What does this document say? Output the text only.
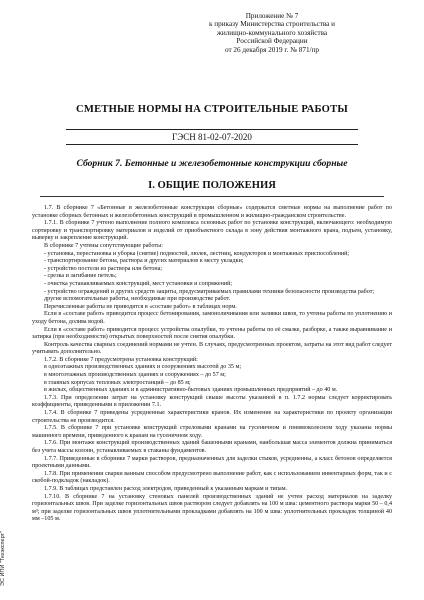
Приложение № 7
к приказу Министерства строительства и
жилищно-коммунального хозяйства
Российской Федерации
от 26 декабря 2019 г. № 871/пр
СМЕТНЫЕ НОРМЫ НА СТРОИТЕЛЬНЫЕ РАБОТЫ
ГЭСН 81-02-07-2020
Сборник 7. Бетонные и железобетонные конструкции сборные
I. ОБЩИЕ ПОЛОЖЕНИЯ

1.7. В сборнике 7 «Бетонные и железобетонные конструкции сборные» содержатся сметные нормы на выполнение работ по установке сборных бетонных и железобетонных конструкций в промышленном и жилищно-гражданском строительстве.

1.7.1. В сборнике 7 учтено выполнение полного комплекса основных работ по установке конструкций, включающего: необходимую сортировку и транспортировку материалов и изделий от приобъектного склада в зону действия монтажного крана, подъем, установку, выверку и закрепление конструкций.

В сборнике 7 учтены сопутствующие работы:

- установка, перестановка и уборка (снятие) подмостей, люлек, лестниц, кондукторов и монтажных приспособлений;

- транспортирование бетона, раствора и других материалов к месту укладки;

- устройство постели из раствора или бетона;

- срезка и загибание петель;

- очистка устанавливаемых конструкций, мест установки и сопряжений;

- устройство ограждений и других средств защиты, предусматриваемых правилами техники безопасности производства работ;

другие вспомогательные работы, необходимые при производстве работ.

Перечисленные работы не приводятся в «составе работ» в таблицах норм.

Если в «составе работ» приводится процесс бетонирования, замоноличивания или заливки швов, то учтены работы по уплотнению и уходу бетона, долива водой.

Если в «составе работ» приводится процесс устройства опалубки, то учтены работы по её смазке, разборке, а также выравнивание и затирка (при необходимости) открытых поверхностей после снятия опалубки.

Контроль качества сварных соединений нормами не учтен. В случаях, предусмотренных проектом, затраты на этот вид работ следует учитывать дополнительно.

1.7.2. В сборнике 7 предусмотрена установка конструкций:

в одноэтажных производственных зданиях и сооружениях высотой до 35 м;

в многоэтажных производственных зданиях и сооружениях – до 57 м;

в главных корпусах тепловых электростанций – до 85 м;

в жилых, общественных зданиях и в административно-бытовых зданиях промышленных предприятий – до 40 м.

1.7.3. При определении затрат на установку конструкций свыше высоты указанной в п. 1.7.2 нормы следует корректировать коэффициенты, приведенными в приложении 7.1.

1.7.4. В сборнике 7 приведены усредненные характеристики кранов. Их изменение на характеристики по проекту организации строительства не производится.

1.7.5. В сборнике 7 при установке конструкций стреловыми кранами на гусеничном и пневмоколесном ходу указаны нормы машинного времени, приведенного к кранам на гусеничном ходу.

1.7.6. При монтаже конструкций производственных зданий башенными кранами, наибольшая масса элементов должна приниматься без учета массы колонн, устанавливаемых в стаканы фундаментов.

1.7.7. Приведенные в сборнике 7 марки растворов, предназначенных для заделки стыков, усредненны, а класс бетонов определяется проектными данными.

1.7.8. При применении сварки ванным способом предусмотрено выполнение работ, как с использованием инвентарных форм, так и с скобой-подкладок (накладок).

1.7.9. В таблицах представлен расход электродов, приведенный к указанным маркам и типам.

1.7.10. В сборнике 7 на установку стеновых панелей производственных зданий не учтен расход материалов на заделку горизонтальных швов. При заделке горизонтальных швов раствором следует добавлять на 100 м швa: цементного раствора марки 50 – 0,4 м³; при заделке горизонтальных швов уплотнительными прокладками добавлять на 100 м шва: уплотнительных прокладок толщиной 40 мм –105 м.

ЭС ИПИ "Техэксперт"
